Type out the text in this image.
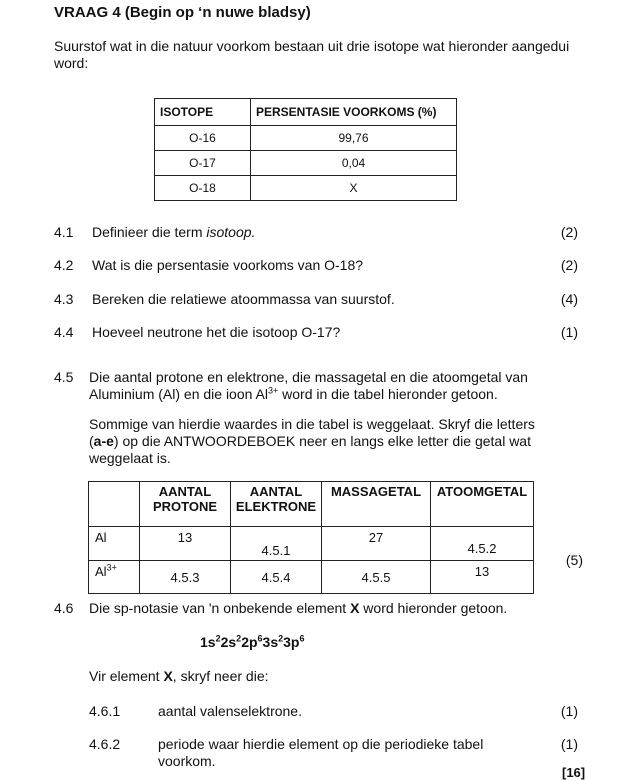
VRAAG 4 (Begin op ‘n nuwe bladsy)
Suurstof wat in die natuur voorkom bestaan uit drie isotope wat hieronder aangedui word:
ISOTOPE	PERSENTASIE VOORKOMS (%)
O-16	99,76
O-17	0,04
O-18	X
4.1 Definieer die term isotoop.	(2)
4.2 Wat is die persentasie voorkoms van O-18?	(2)
4.3 Bereken die relatiewe atoommassa van suurstof.	(4)
4.4 Hoeveel neutrone het die isotoop O-17?	(1)
4.5 Die aantal protone en elektrone, die massagetal en die atoomgetal van Aluminium (Al) en die ioon $Al^{3+}$ word in die tabel hieronder getoon.
Sommige van hierdie waardes in die tabel is weggelaat. Skryf die letters (a-e) op die ANTWOORDEBOEK neer en langs elke letter die getal wat weggelaat is.
	AANTAL PROTONE	AANTAL ELEKTRONE	MASSAGETAL	ATOOMGETAL
Al	13	4.5.1	27	4.5.2
$Al^{3+}$	4.5.3	4.5.4	4.5.5	13
(5)
4.6 Die sp-notasie van 'n onbekende element X word hieronder getoon.
$1s^22s^22p^63s^23p^6$
Vir element X, skryf neer die:
4.6.1	aantal valenselektrone.	(1)
4.6.2	periode waar hierdie element op die periodieke tabel voorkom.
(1)
[16]
